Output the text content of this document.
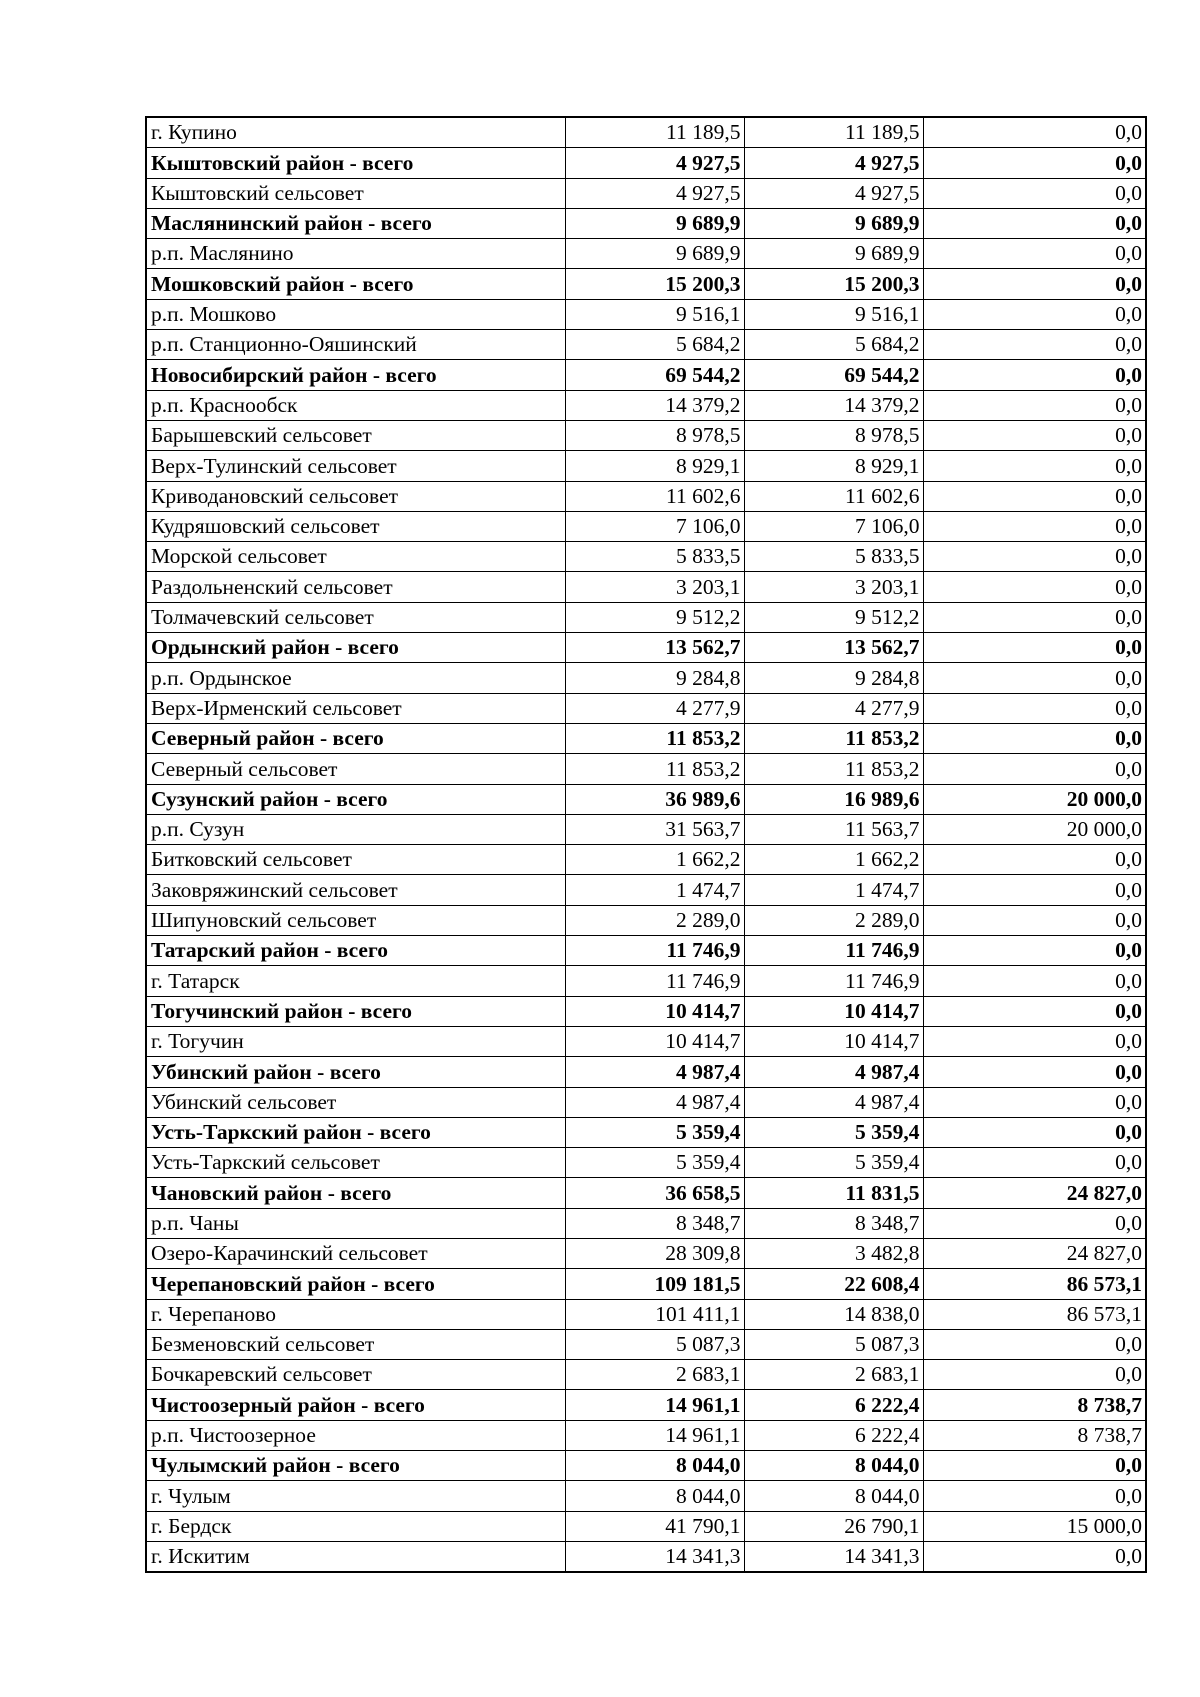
г. Купино	11 189,5	11 189,5	0,0
Кыштовский район - всего	4 927,5	4 927,5	0,0
Кыштовский сельсовет	4 927,5	4 927,5	0,0
Маслянинский район - всего	9 689,9	9 689,9	0,0
р.п. Маслянино	9 689,9	9 689,9	0,0
Мошковский район - всего	15 200,3	15 200,3	0,0
р.п. Мошково	9 516,1	9 516,1	0,0
р.п. Станционно-Ояшинский	5 684,2	5 684,2	0,0
Новосибирский район - всего	69 544,2	69 544,2	0,0
р.п. Краснообск	14 379,2	14 379,2	0,0
Барышевский сельсовет	8 978,5	8 978,5	0,0
Верх-Тулинский сельсовет	8 929,1	8 929,1	0,0
Криводановский сельсовет	11 602,6	11 602,6	0,0
Кудряшовский сельсовет	7 106,0	7 106,0	0,0
Морской сельсовет	5 833,5	5 833,5	0,0
Раздольненский сельсовет	3 203,1	3 203,1	0,0
Толмачевский сельсовет	9 512,2	9 512,2	0,0
Ордынский район - всего	13 562,7	13 562,7	0,0
р.п. Ордынское	9 284,8	9 284,8	0,0
Верх-Ирменский сельсовет	4 277,9	4 277,9	0,0
Северный район - всего	11 853,2	11 853,2	0,0
Северный сельсовет	11 853,2	11 853,2	0,0
Сузунский район - всего	36 989,6	16 989,6	20 000,0
р.п. Сузун	31 563,7	11 563,7	20 000,0
Битковский сельсовет	1 662,2	1 662,2	0,0
Заковряжинский сельсовет	1 474,7	1 474,7	0,0
Шипуновский сельсовет	2 289,0	2 289,0	0,0
Татарский район - всего	11 746,9	11 746,9	0,0
г. Татарск	11 746,9	11 746,9	0,0
Тогучинский район - всего	10 414,7	10 414,7	0,0
г. Тогучин	10 414,7	10 414,7	0,0
Убинский район - всего	4 987,4	4 987,4	0,0
Убинский сельсовет	4 987,4	4 987,4	0,0
Усть-Таркский район - всего	5 359,4	5 359,4	0,0
Усть-Таркский сельсовет	5 359,4	5 359,4	0,0
Чановский район - всего	36 658,5	11 831,5	24 827,0
р.п. Чаны	8 348,7	8 348,7	0,0
Озеро-Карачинский сельсовет	28 309,8	3 482,8	24 827,0
Черепановский район - всего	109 181,5	22 608,4	86 573,1
г. Черепаново	101 411,1	14 838,0	86 573,1
Безменовский сельсовет	5 087,3	5 087,3	0,0
Бочкаревский сельсовет	2 683,1	2 683,1	0,0
Чистоозерный район - всего	14 961,1	6 222,4	8 738,7
р.п. Чистоозерное	14 961,1	6 222,4	8 738,7
Чулымский район - всего	8 044,0	8 044,0	0,0
г. Чулым	8 044,0	8 044,0	0,0
г. Бердск	41 790,1	26 790,1	15 000,0
г. Искитим	14 341,3	14 341,3	0,0
